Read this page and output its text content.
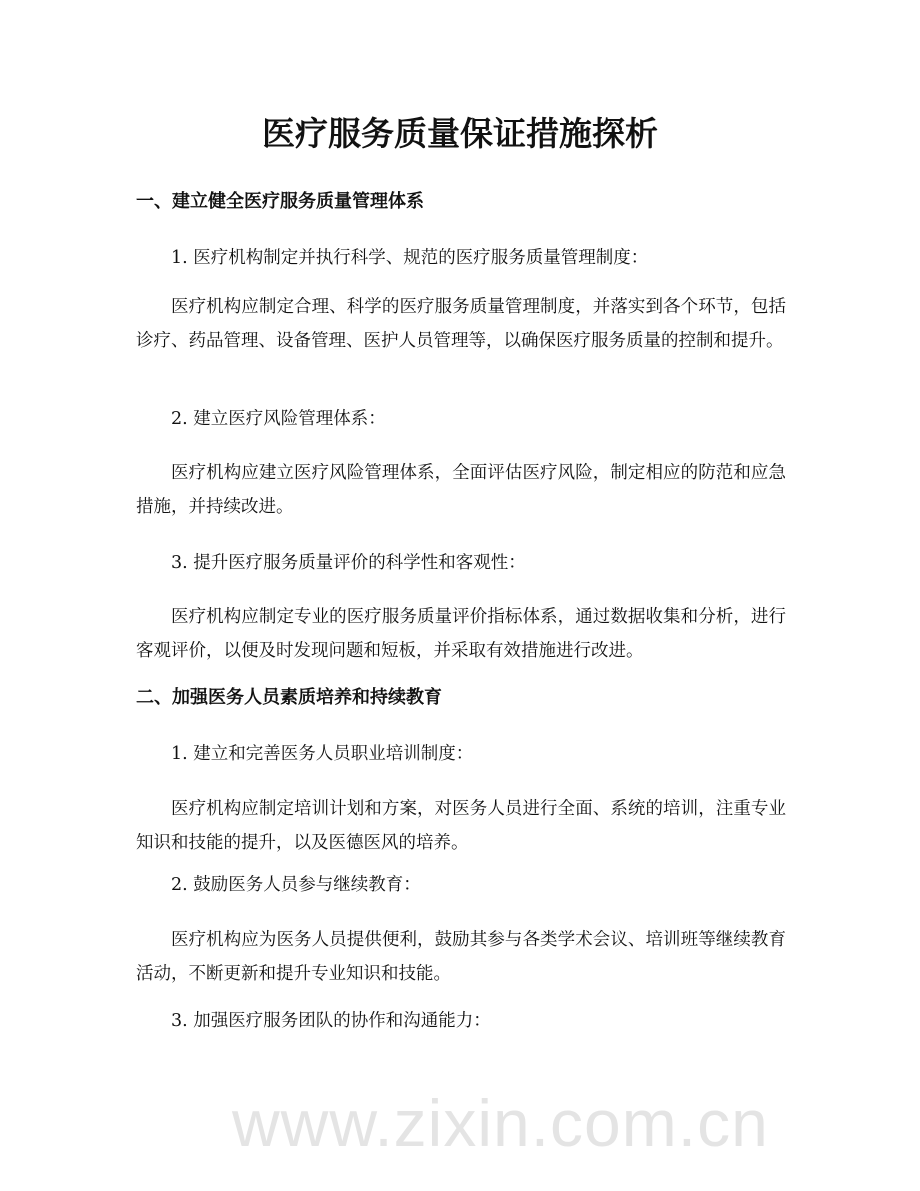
www.zixin.com.cn
医疗服务质量保证措施探析

一、建立健全医疗服务质量管理体系

1. 医疗机构制定并执行科学、规范的医疗服务质量管理制度：

医疗机构应制定合理、科学的医疗服务质量管理制度，并落实到各个环节，包括诊疗、药品管理、设备管理、医护人员管理等，以确保医疗服务质量的控制和提升。

2. 建立医疗风险管理体系：

医疗机构应建立医疗风险管理体系，全面评估医疗风险，制定相应的防范和应急措施，并持续改进。

3. 提升医疗服务质量评价的科学性和客观性：

医疗机构应制定专业的医疗服务质量评价指标体系，通过数据收集和分析，进行客观评价，以便及时发现问题和短板，并采取有效措施进行改进。

二、加强医务人员素质培养和持续教育

1. 建立和完善医务人员职业培训制度：

医疗机构应制定培训计划和方案，对医务人员进行全面、系统的培训，注重专业知识和技能的提升，以及医德医风的培养。

2. 鼓励医务人员参与继续教育：

医疗机构应为医务人员提供便利，鼓励其参与各类学术会议、培训班等继续教育活动，不断更新和提升专业知识和技能。

3. 加强医疗服务团队的协作和沟通能力：
